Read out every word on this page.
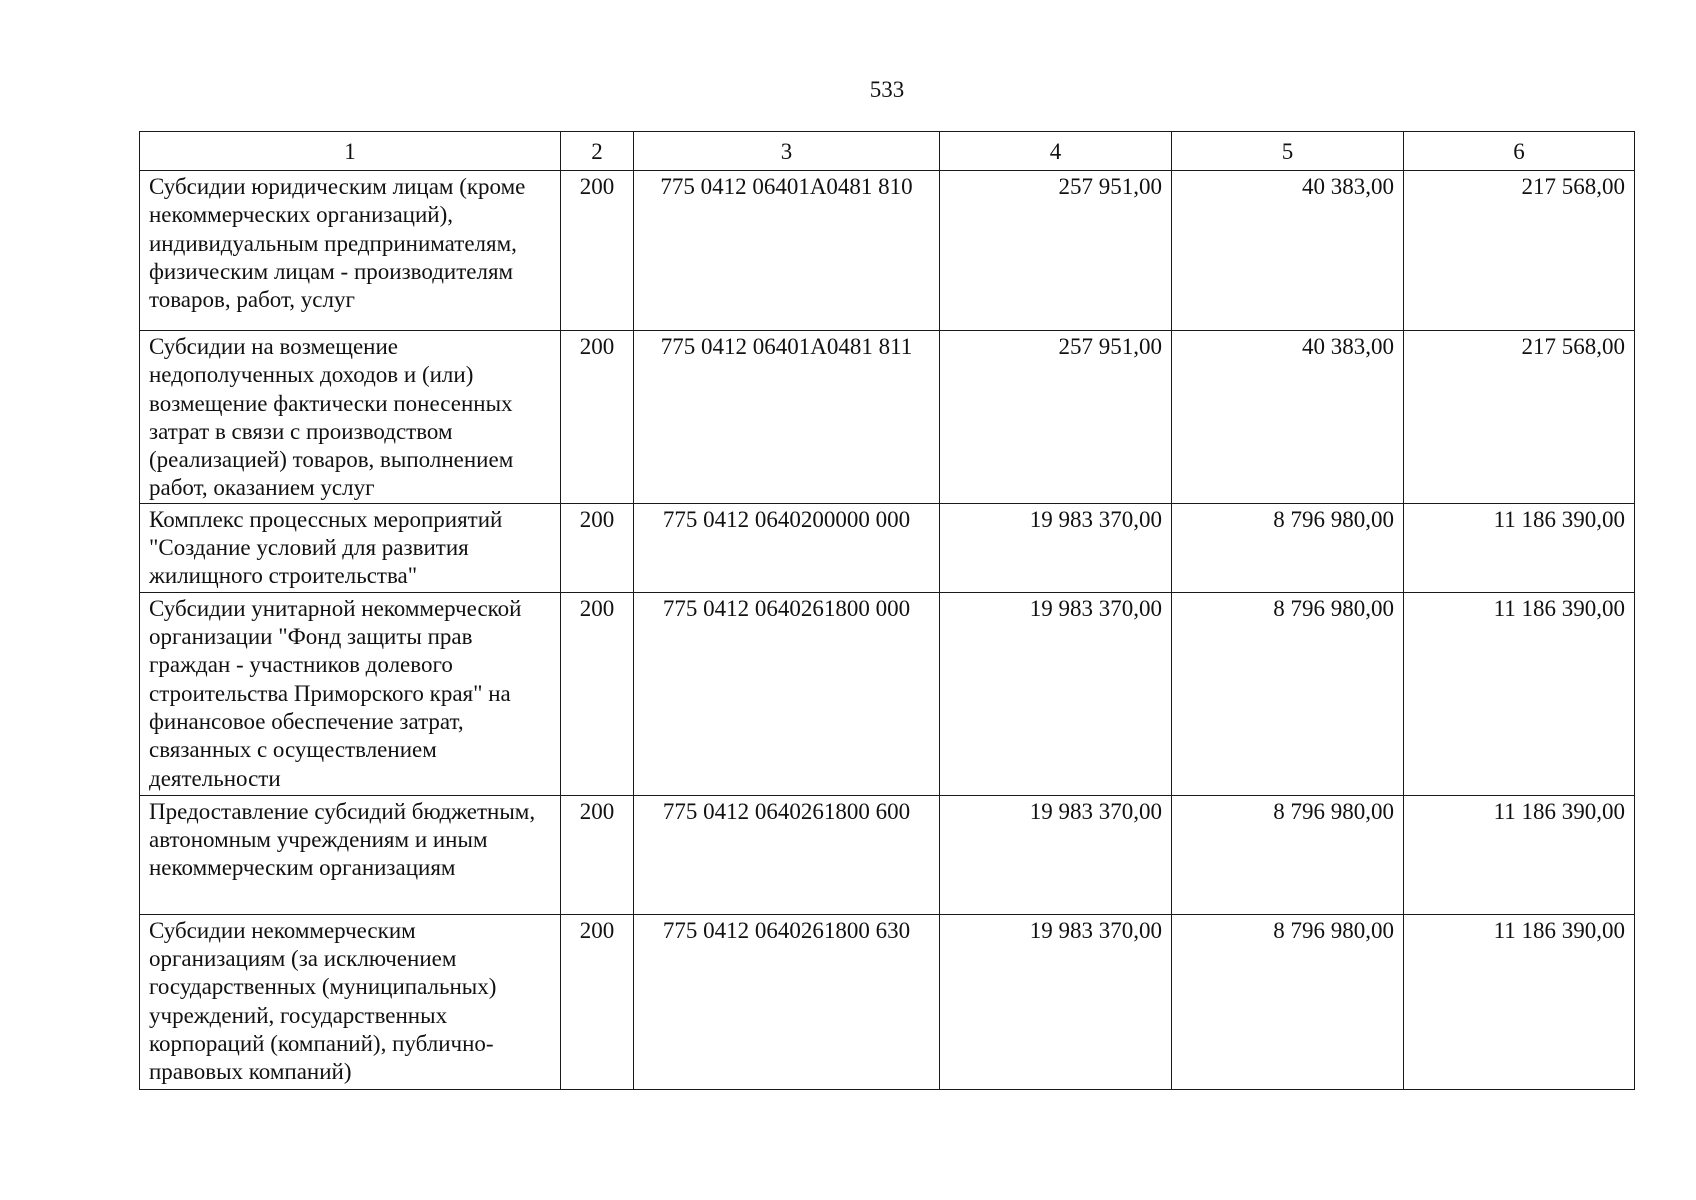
533
1	2	3	4	5	6
Субсидии юридическим лицам (кроме некоммерческих организаций), индивидуальным предпринимателям, физическим лицам - производителям товаров, работ, услуг	200	775 0412 06401А0481 810	257 951,00	40 383,00	217 568,00
Субсидии на возмещение недополученных доходов и (или) возмещение фактически понесенных затрат в связи с производством (реализацией) товаров, выполнением работ, оказанием услуг	200	775 0412 06401А0481 811	257 951,00	40 383,00	217 568,00
Комплекс процессных мероприятий "Создание условий для развития жилищного строительства"	200	775 0412 0640200000 000	19 983 370,00	8 796 980,00	11 186 390,00
Субсидии унитарной некоммерческой организации "Фонд защиты прав граждан - участников долевого строительства Приморского края" на финансовое обеспечение затрат, связанных с осуществлением деятельности	200	775 0412 0640261800 000	19 983 370,00	8 796 980,00	11 186 390,00
Предоставление субсидий бюджетным, автономным учреждениям и иным некоммерческим организациям	200	775 0412 0640261800 600	19 983 370,00	8 796 980,00	11 186 390,00
Субсидии некоммерческим организациям (за исключением государственных (муниципальных) учреждений, государственных корпораций (компаний), публично-правовых компаний)	200	775 0412 0640261800 630	19 983 370,00	8 796 980,00	11 186 390,00
